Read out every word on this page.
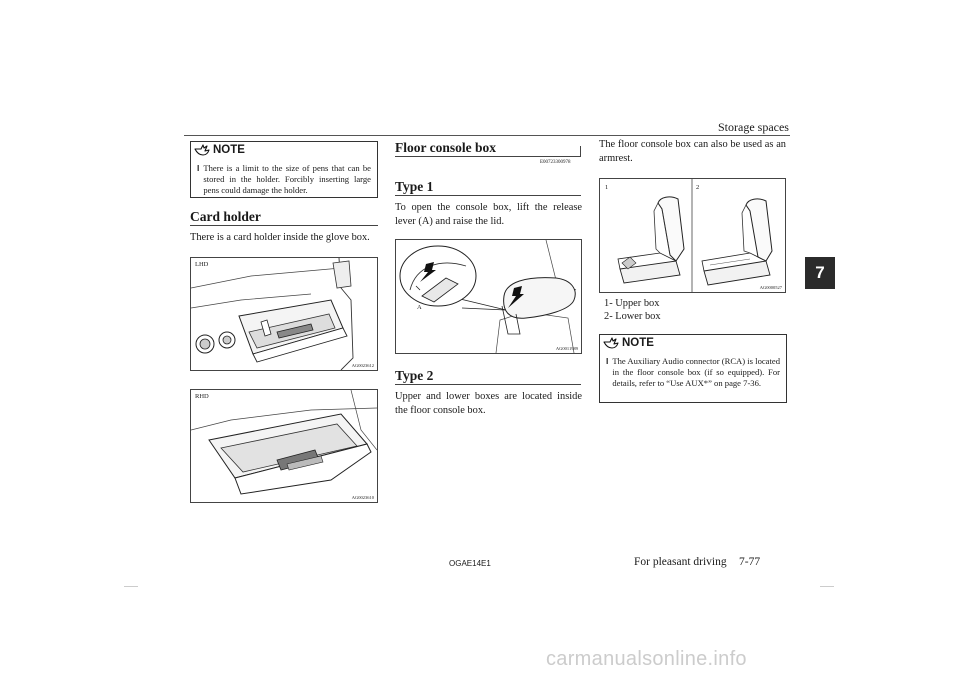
Storage spaces
7
NOTE
l There is a limit to the size of pens that can be stored in the holder. Forcibly inserting large pens could damage the holder.
Card holder
There is a card holder inside the glove box.
LHD
AG0023612
RHD
AG0023610
Floor console box
E00723300978
Type 1
To open the console box, lift the release lever (A) and raise the lid.
A
AG0011989
Type 2
Upper and lower boxes are located inside the floor console box.
The floor console box can also be used as an armrest.
1	2
AG0000527
1- Upper box
2- Lower box
NOTE
l The Auxiliary Audio connector (RCA) is located in the floor console box (if so equipped). For details, refer to “Use AUX*” on page 7-36.
OGAE14E1	For pleasant driving 7-77
carmanualsonline.info
